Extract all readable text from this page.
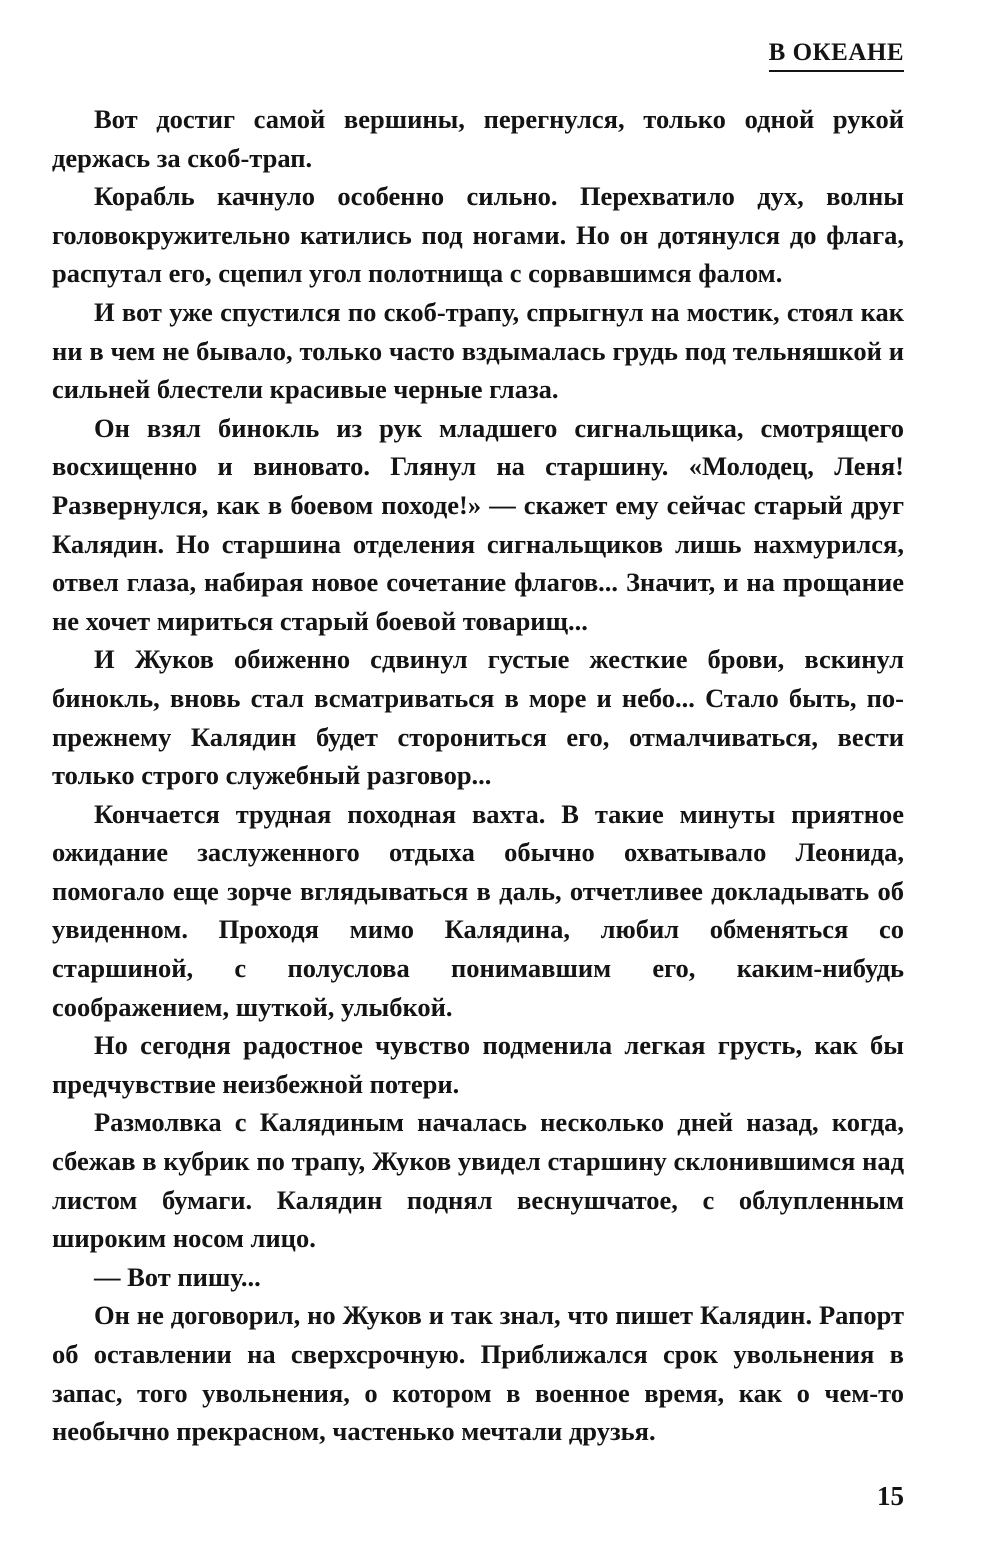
В ОКЕАНЕ

Вот достиг самой вершины, перегнулся, только одной рукой держась за скоб-трап.

Корабль качнуло особенно сильно. Перехватило дух, волны головокружительно катились под ногами. Но он дотянулся до флага, распутал его, сцепил угол полотнища с сорвавшимся фалом.

И вот уже спустился по скоб-трапу, спрыгнул на мостик, стоял как ни в чем не бывало, только часто вздымалась грудь под тельняшкой и сильней блестели красивые черные глаза.

Он взял бинокль из рук младшего сигнальщика, смотрящего восхищенно и виновато. Глянул на старшину. «Молодец, Леня! Развернулся, как в боевом походе!» — скажет ему сейчас старый друг Калядин. Но старшина отделения сигнальщиков лишь нахмурился, отвел глаза, набирая новое сочетание флагов... Значит, и на прощание не хочет мириться старый боевой товарищ...

И Жуков обиженно сдвинул густые жесткие брови, вскинул бинокль, вновь стал всматриваться в море и небо... Стало быть, по-прежнему Калядин будет сторониться его, отмалчиваться, вести только строго служебный разговор...

Кончается трудная походная вахта. В такие минуты приятное ожидание заслуженного отдыха обычно охватывало Леонида, помогало еще зорче вглядываться в даль, отчетливее докладывать об увиденном. Проходя мимо Калядина, любил обменяться со старшиной, с полуслова понимавшим его, каким-нибудь соображением, шуткой, улыбкой.

Но сегодня радостное чувство подменила легкая грусть, как бы предчувствие неизбежной потери.

Размолвка с Калядиным началась несколько дней назад, когда, сбежав в кубрик по трапу, Жуков увидел старшину склонившимся над листом бумаги. Калядин поднял веснушчатое, с облупленным широким носом лицо.

— Вот пишу...

Он не договорил, но Жуков и так знал, что пишет Калядин. Рапорт об оставлении на сверхсрочную. Приближался срок увольнения в запас, того увольнения, о котором в военное время, как о чем-то необычно прекрасном, частенько мечтали друзья.

15
